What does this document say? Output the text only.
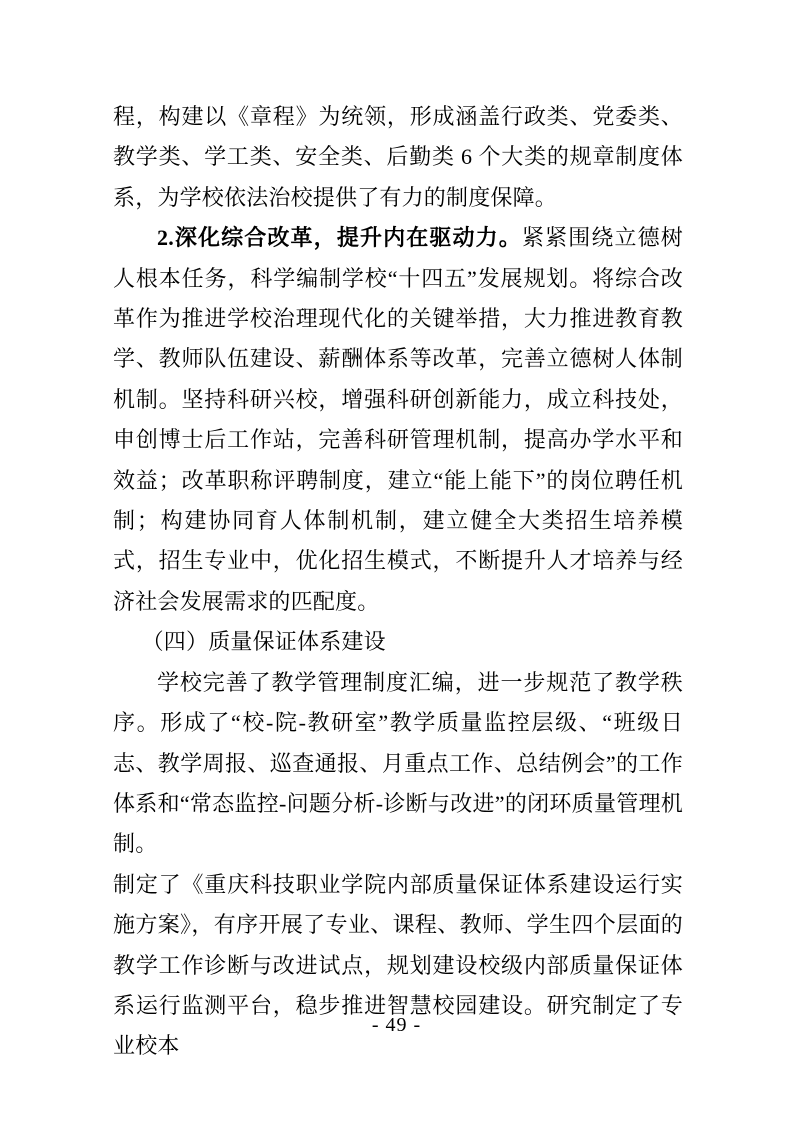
程，构建以《章程》为统领，形成涵盖行政类、党委类、教学类、学工类、安全类、后勤类 6 个大类的规章制度体系，为学校依法治校提供了有力的制度保障。

2.深化综合改革，提升内在驱动力。紧紧围绕立德树人根本任务，科学编制学校“十四五”发展规划。将综合改革作为推进学校治理现代化的关键举措，大力推进教育教学、教师队伍建设、薪酬体系等改革，完善立德树人体制机制。坚持科研兴校，增强科研创新能力，成立科技处，申创博士后工作站，完善科研管理机制，提高办学水平和效益；改革职称评聘制度，建立“能上能下”的岗位聘任机制；构建协同育人体制机制，建立健全大类招生培养模式，招生专业中，优化招生模式，不断提升人才培养与经济社会发展需求的匹配度。

（四）质量保证体系建设

学校完善了教学管理制度汇编，进一步规范了教学秩序。形成了“校-院-教研室”教学质量监控层级、“班级日志、教学周报、巡查通报、月重点工作、总结例会”的工作体系和“常态监控-问题分析-诊断与改进”的闭环质量管理机制。

制定了《重庆科技职业学院内部质量保证体系建设运行实施方案》，有序开展了专业、课程、教师、学生四个层面的教学工作诊断与改进试点，规划建设校级内部质量保证体系运行监测平台，稳步推进智慧校园建设。研究制定了专业校本

- 49 -
